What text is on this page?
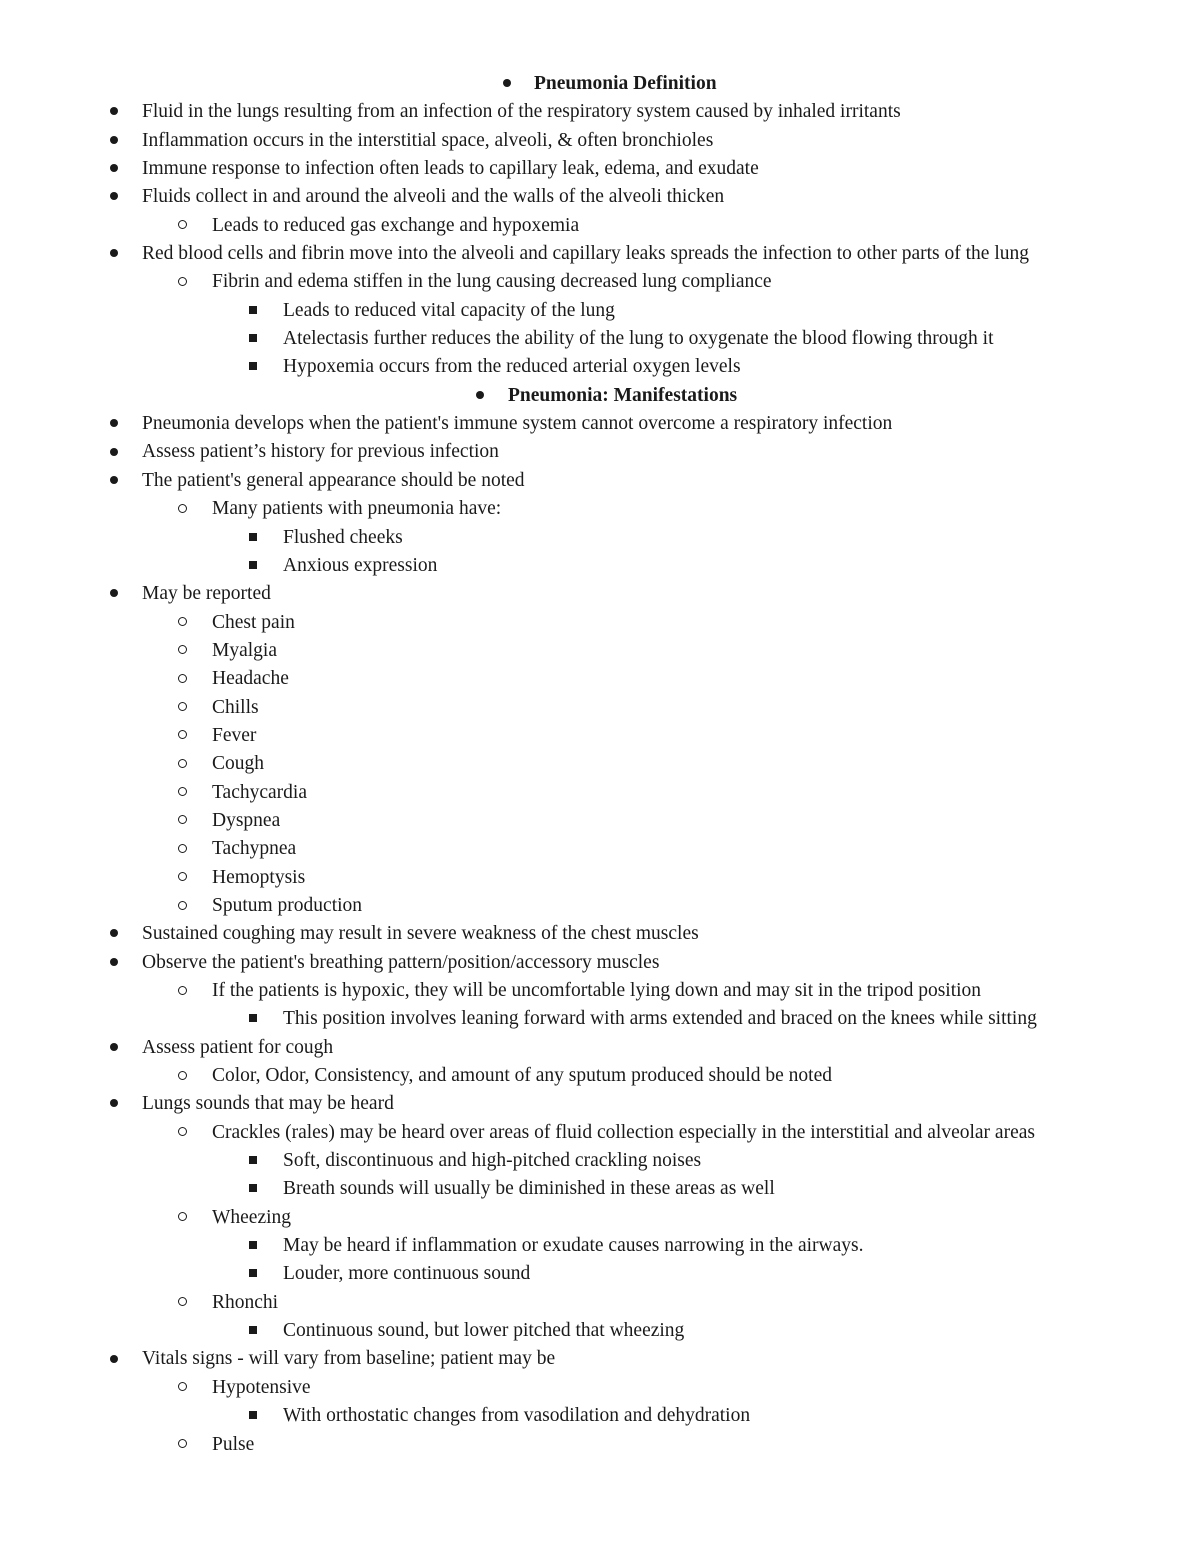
Pneumonia Definition
Fluid in the lungs resulting from an infection of the respiratory system caused by inhaled irritants
Inflammation occurs in the interstitial space, alveoli, & often bronchioles
Immune response to infection often leads to capillary leak, edema, and exudate
Fluids collect in and around the alveoli and the walls of the alveoli thicken
Leads to reduced gas exchange and hypoxemia
Red blood cells and fibrin move into the alveoli and capillary leaks spreads the infection to other parts of the lung
Fibrin and edema stiffen in the lung causing decreased lung compliance
Leads to reduced vital capacity of the lung
Atelectasis further reduces the ability of the lung to oxygenate the blood flowing through it
Hypoxemia occurs from the reduced arterial oxygen levels
Pneumonia: Manifestations
Pneumonia develops when the patient's immune system cannot overcome a respiratory infection
Assess patient’s history for previous infection
The patient's general appearance should be noted
Many patients with pneumonia have:
Flushed cheeks
Anxious expression
May be reported
Chest pain
Myalgia
Headache
Chills
Fever
Cough
Tachycardia
Dyspnea
Tachypnea
Hemoptysis
Sputum production
Sustained coughing may result in severe weakness of the chest muscles
Observe the patient's breathing pattern/position/accessory muscles
If the patients is hypoxic, they will be uncomfortable lying down and may sit in the tripod position
This position involves leaning forward with arms extended and braced on the knees while sitting
Assess patient for cough
Color, Odor, Consistency, and amount of any sputum produced should be noted
Lungs sounds that may be heard
Crackles (rales) may be heard over areas of fluid collection especially in the interstitial and alveolar areas
Soft, discontinuous and high-pitched crackling noises
Breath sounds will usually be diminished in these areas as well
Wheezing
May be heard if inflammation or exudate causes narrowing in the airways.
Louder, more continuous sound
Rhonchi
Continuous sound, but lower pitched that wheezing
Vitals signs - will vary from baseline; patient may be
Hypotensive
With orthostatic changes from vasodilation and dehydration
Pulse
